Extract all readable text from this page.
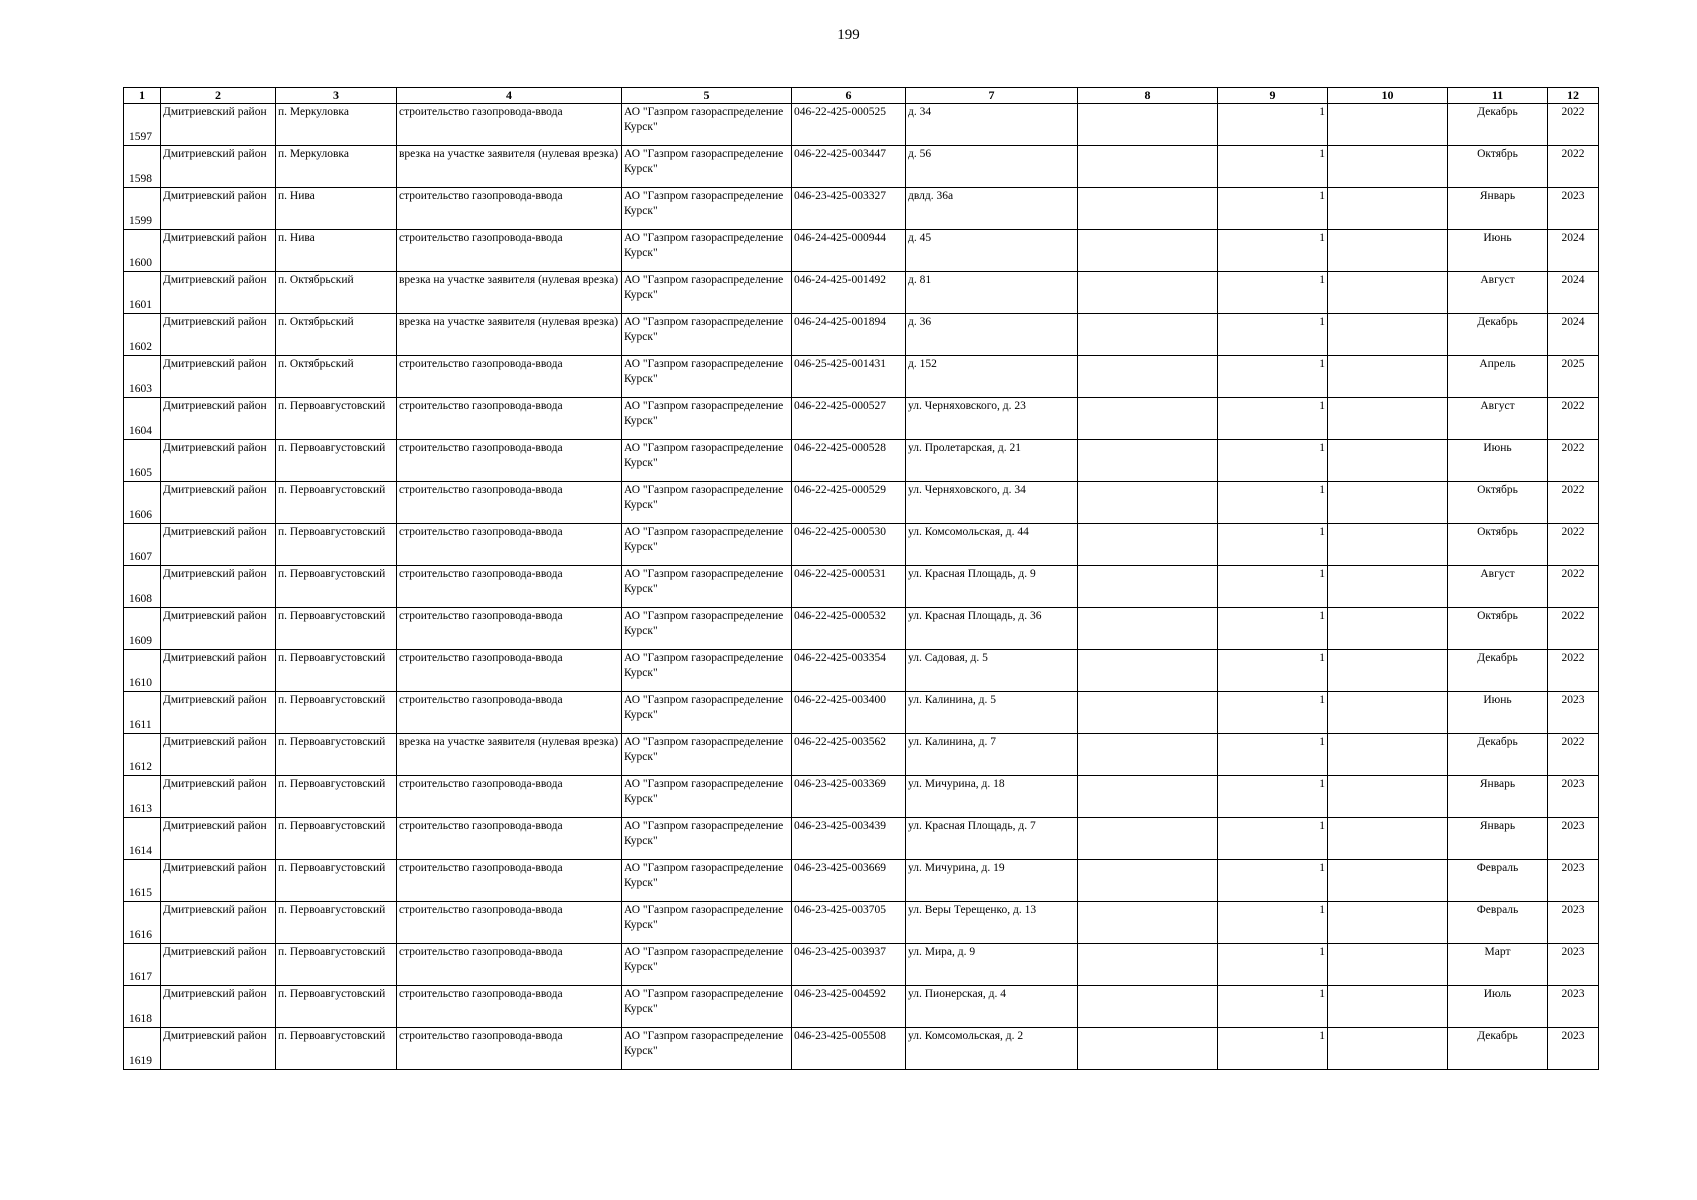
199
1	2	3	4	5	6	7	8	9	10	11	12
1597	Дмитриевский район	п. Меркуловка	строительство газопровода-ввода	АО "Газпром газораспределение Курск"	046-22-425-000525	д. 34		1		Декабрь	2022
1598	Дмитриевский район	п. Меркуловка	врезка на участке заявителя (нулевая врезка)	АО "Газпром газораспределение Курск"	046-22-425-003447	д. 56		1		Октябрь	2022
1599	Дмитриевский район	п. Нива	строительство газопровода-ввода	АО "Газпром газораспределение Курск"	046-23-425-003327	двлд. 36а		1		Январь	2023
1600	Дмитриевский район	п. Нива	строительство газопровода-ввода	АО "Газпром газораспределение Курск"	046-24-425-000944	д. 45		1		Июнь	2024
1601	Дмитриевский район	п. Октябрьский	врезка на участке заявителя (нулевая врезка)	АО "Газпром газораспределение Курск"	046-24-425-001492	д. 81		1		Август	2024
1602	Дмитриевский район	п. Октябрьский	врезка на участке заявителя (нулевая врезка)	АО "Газпром газораспределение Курск"	046-24-425-001894	д. 36		1		Декабрь	2024
1603	Дмитриевский район	п. Октябрьский	строительство газопровода-ввода	АО "Газпром газораспределение Курск"	046-25-425-001431	д. 152		1		Апрель	2025
1604	Дмитриевский район	п. Первоавгустовский	строительство газопровода-ввода	АО "Газпром газораспределение Курск"	046-22-425-000527	ул. Черняховского, д. 23		1		Август	2022
1605	Дмитриевский район	п. Первоавгустовский	строительство газопровода-ввода	АО "Газпром газораспределение Курск"	046-22-425-000528	ул. Пролетарская, д. 21		1		Июнь	2022
1606	Дмитриевский район	п. Первоавгустовский	строительство газопровода-ввода	АО "Газпром газораспределение Курск"	046-22-425-000529	ул. Черняховского, д. 34		1		Октябрь	2022
1607	Дмитриевский район	п. Первоавгустовский	строительство газопровода-ввода	АО "Газпром газораспределение Курск"	046-22-425-000530	ул. Комсомольская, д. 44		1		Октябрь	2022
1608	Дмитриевский район	п. Первоавгустовский	строительство газопровода-ввода	АО "Газпром газораспределение Курск"	046-22-425-000531	ул. Красная Площадь, д. 9		1		Август	2022
1609	Дмитриевский район	п. Первоавгустовский	строительство газопровода-ввода	АО "Газпром газораспределение Курск"	046-22-425-000532	ул. Красная Площадь, д. 36		1		Октябрь	2022
1610	Дмитриевский район	п. Первоавгустовский	строительство газопровода-ввода	АО "Газпром газораспределение Курск"	046-22-425-003354	ул. Садовая, д. 5		1		Декабрь	2022
1611	Дмитриевский район	п. Первоавгустовский	строительство газопровода-ввода	АО "Газпром газораспределение Курск"	046-22-425-003400	ул. Калинина, д. 5		1		Июнь	2023
1612	Дмитриевский район	п. Первоавгустовский	врезка на участке заявителя (нулевая врезка)	АО "Газпром газораспределение Курск"	046-22-425-003562	ул. Калинина, д. 7		1		Декабрь	2022
1613	Дмитриевский район	п. Первоавгустовский	строительство газопровода-ввода	АО "Газпром газораспределение Курск"	046-23-425-003369	ул. Мичурина, д. 18		1		Январь	2023
1614	Дмитриевский район	п. Первоавгустовский	строительство газопровода-ввода	АО "Газпром газораспределение Курск"	046-23-425-003439	ул. Красная Площадь, д. 7		1		Январь	2023
1615	Дмитриевский район	п. Первоавгустовский	строительство газопровода-ввода	АО "Газпром газораспределение Курск"	046-23-425-003669	ул. Мичурина, д. 19		1		Февраль	2023
1616	Дмитриевский район	п. Первоавгустовский	строительство газопровода-ввода	АО "Газпром газораспределение Курск"	046-23-425-003705	ул. Веры Терещенко, д. 13		1		Февраль	2023
1617	Дмитриевский район	п. Первоавгустовский	строительство газопровода-ввода	АО "Газпром газораспределение Курск"	046-23-425-003937	ул. Мира, д. 9		1		Март	2023
1618	Дмитриевский район	п. Первоавгустовский	строительство газопровода-ввода	АО "Газпром газораспределение Курск"	046-23-425-004592	ул. Пионерская, д. 4		1		Июль	2023
1619	Дмитриевский район	п. Первоавгустовский	строительство газопровода-ввода	АО "Газпром газораспределение Курск"	046-23-425-005508	ул. Комсомольская, д. 2		1		Декабрь	2023
